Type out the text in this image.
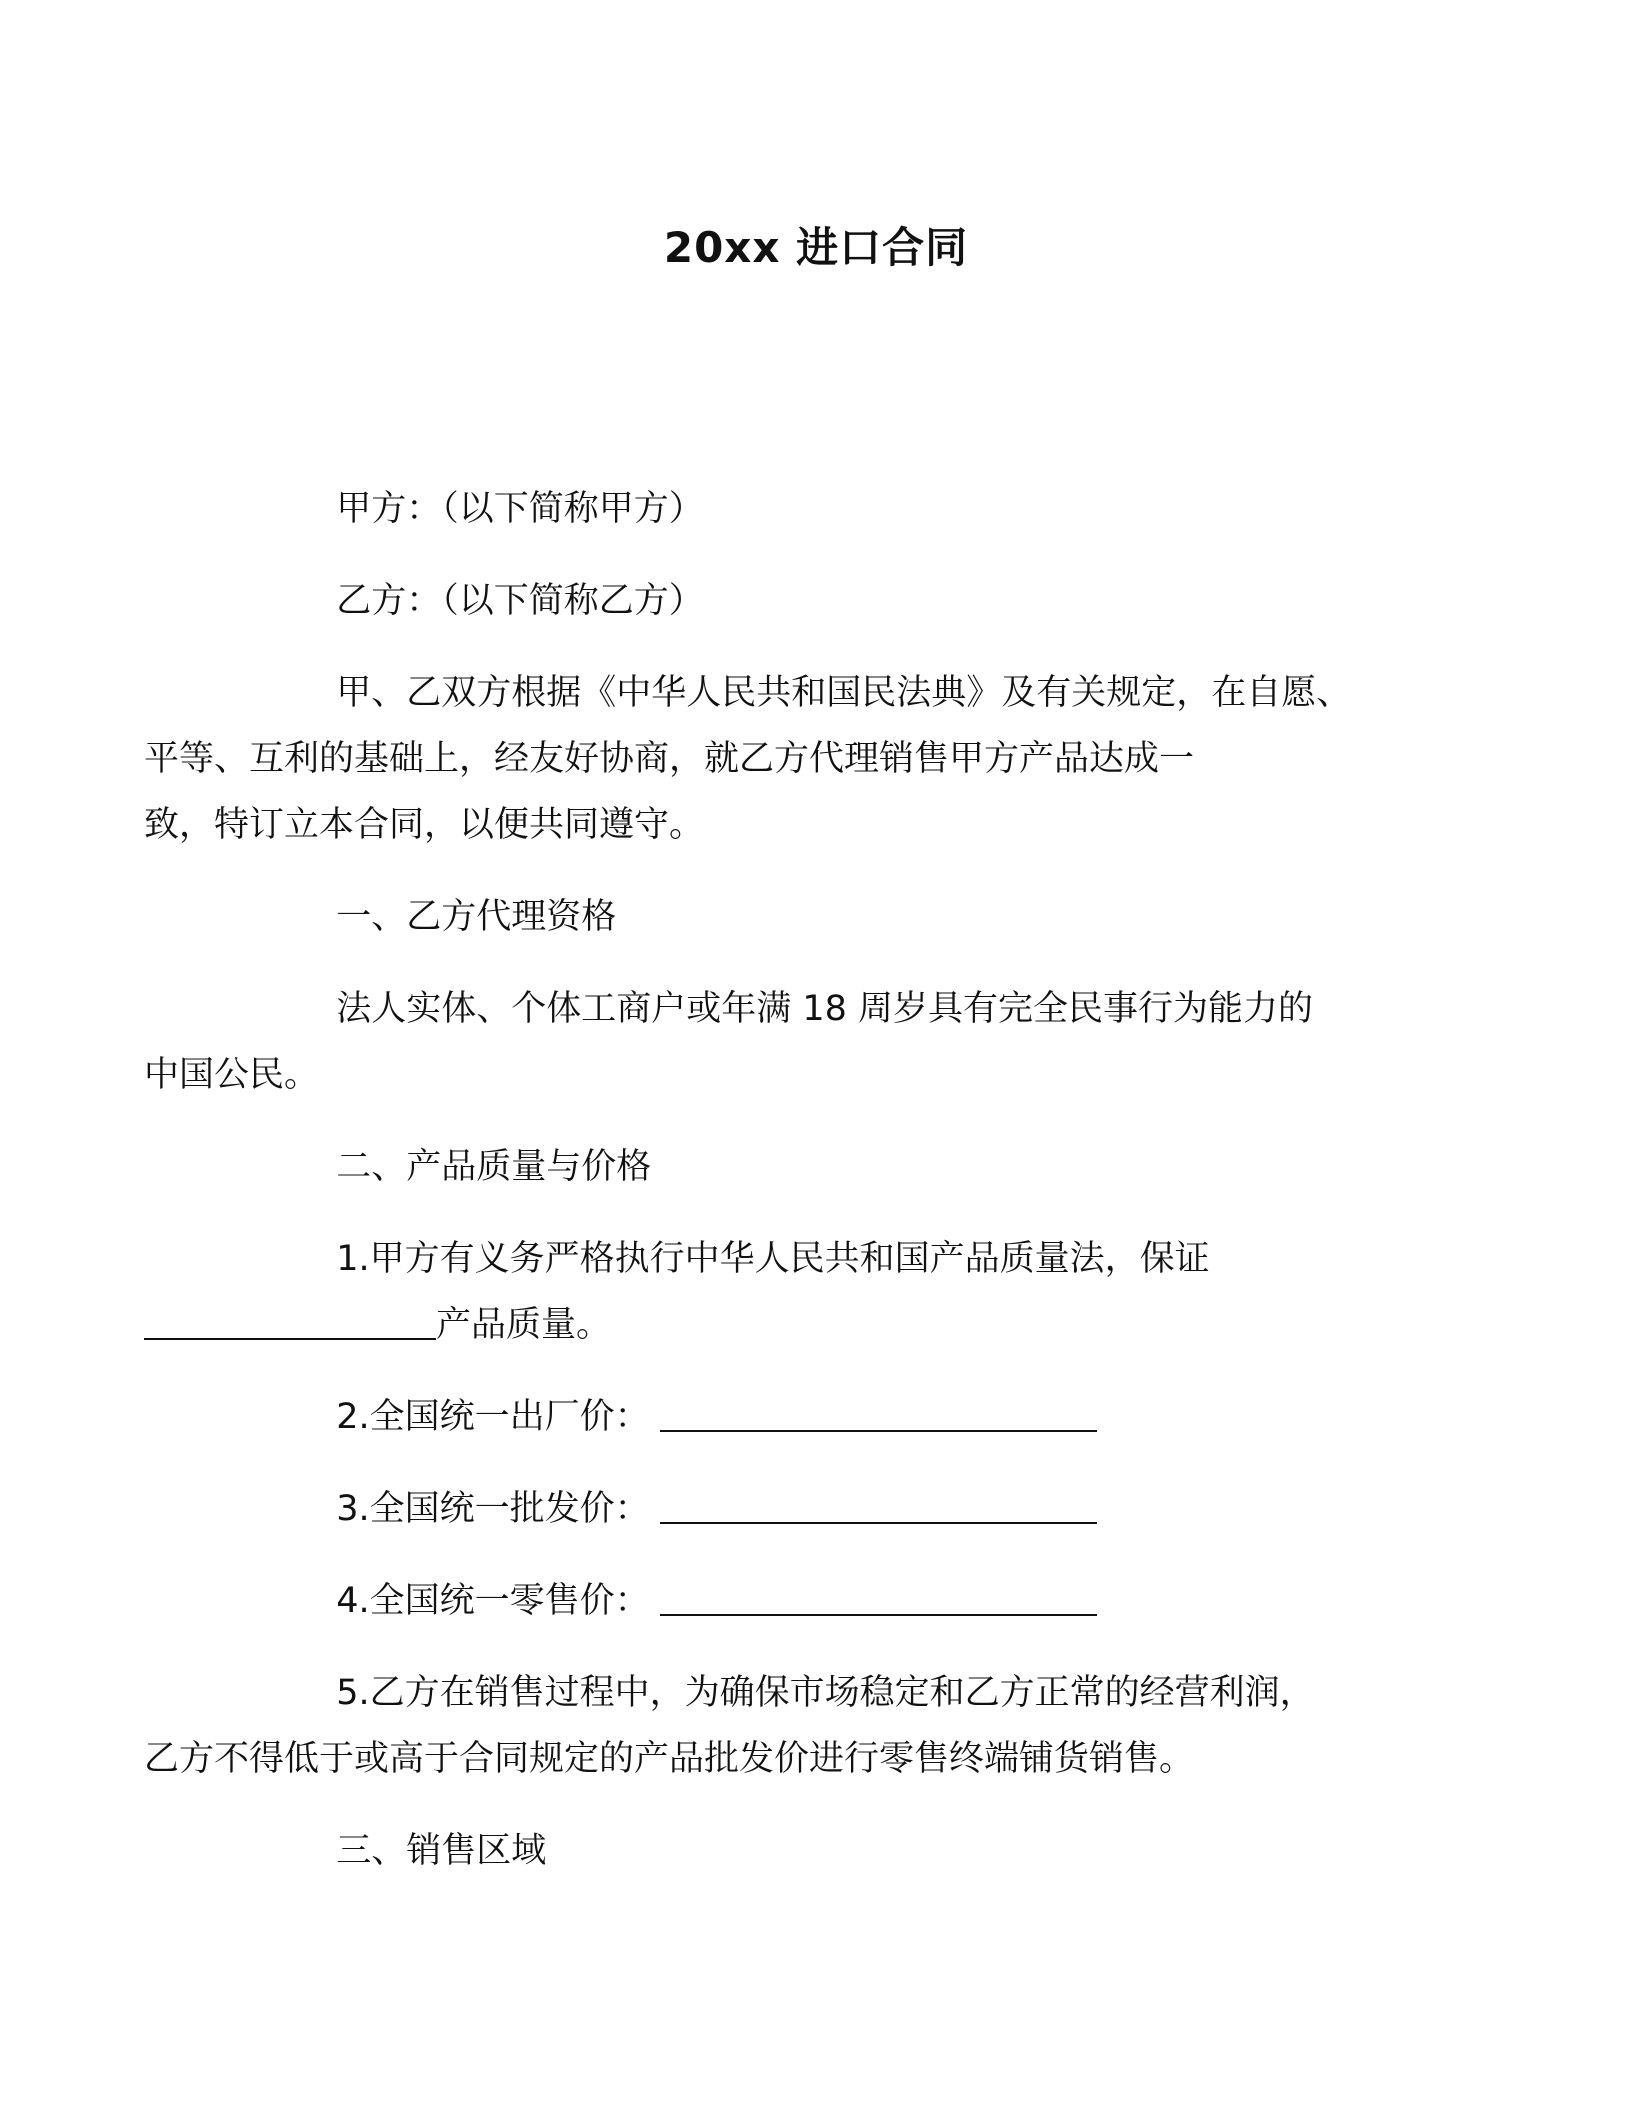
20xx 进口合同

甲方：（以下简称甲方）

乙方：（以下简称乙方）

甲、乙双方根据《中华人民共和国民法典》及有关规定，在自愿、
平等、互利的基础上，经友好协商，就乙方代理销售甲方产品达成一
致，特订立本合同，以便共同遵守。

一、乙方代理资格

法人实体、个体工商户或年满 18 周岁具有完全民事行为能力的
中国公民。

二、产品质量与价格

1.甲方有义务严格执行中华人民共和国产品质量法，保证
产品质量。

2.全国统一出厂价：

3.全国统一批发价：

4.全国统一零售价：

5.乙方在销售过程中，为确保市场稳定和乙方正常的经营利润，
乙方不得低于或高于合同规定的产品批发价进行零售终端铺货销售。

三、销售区域
